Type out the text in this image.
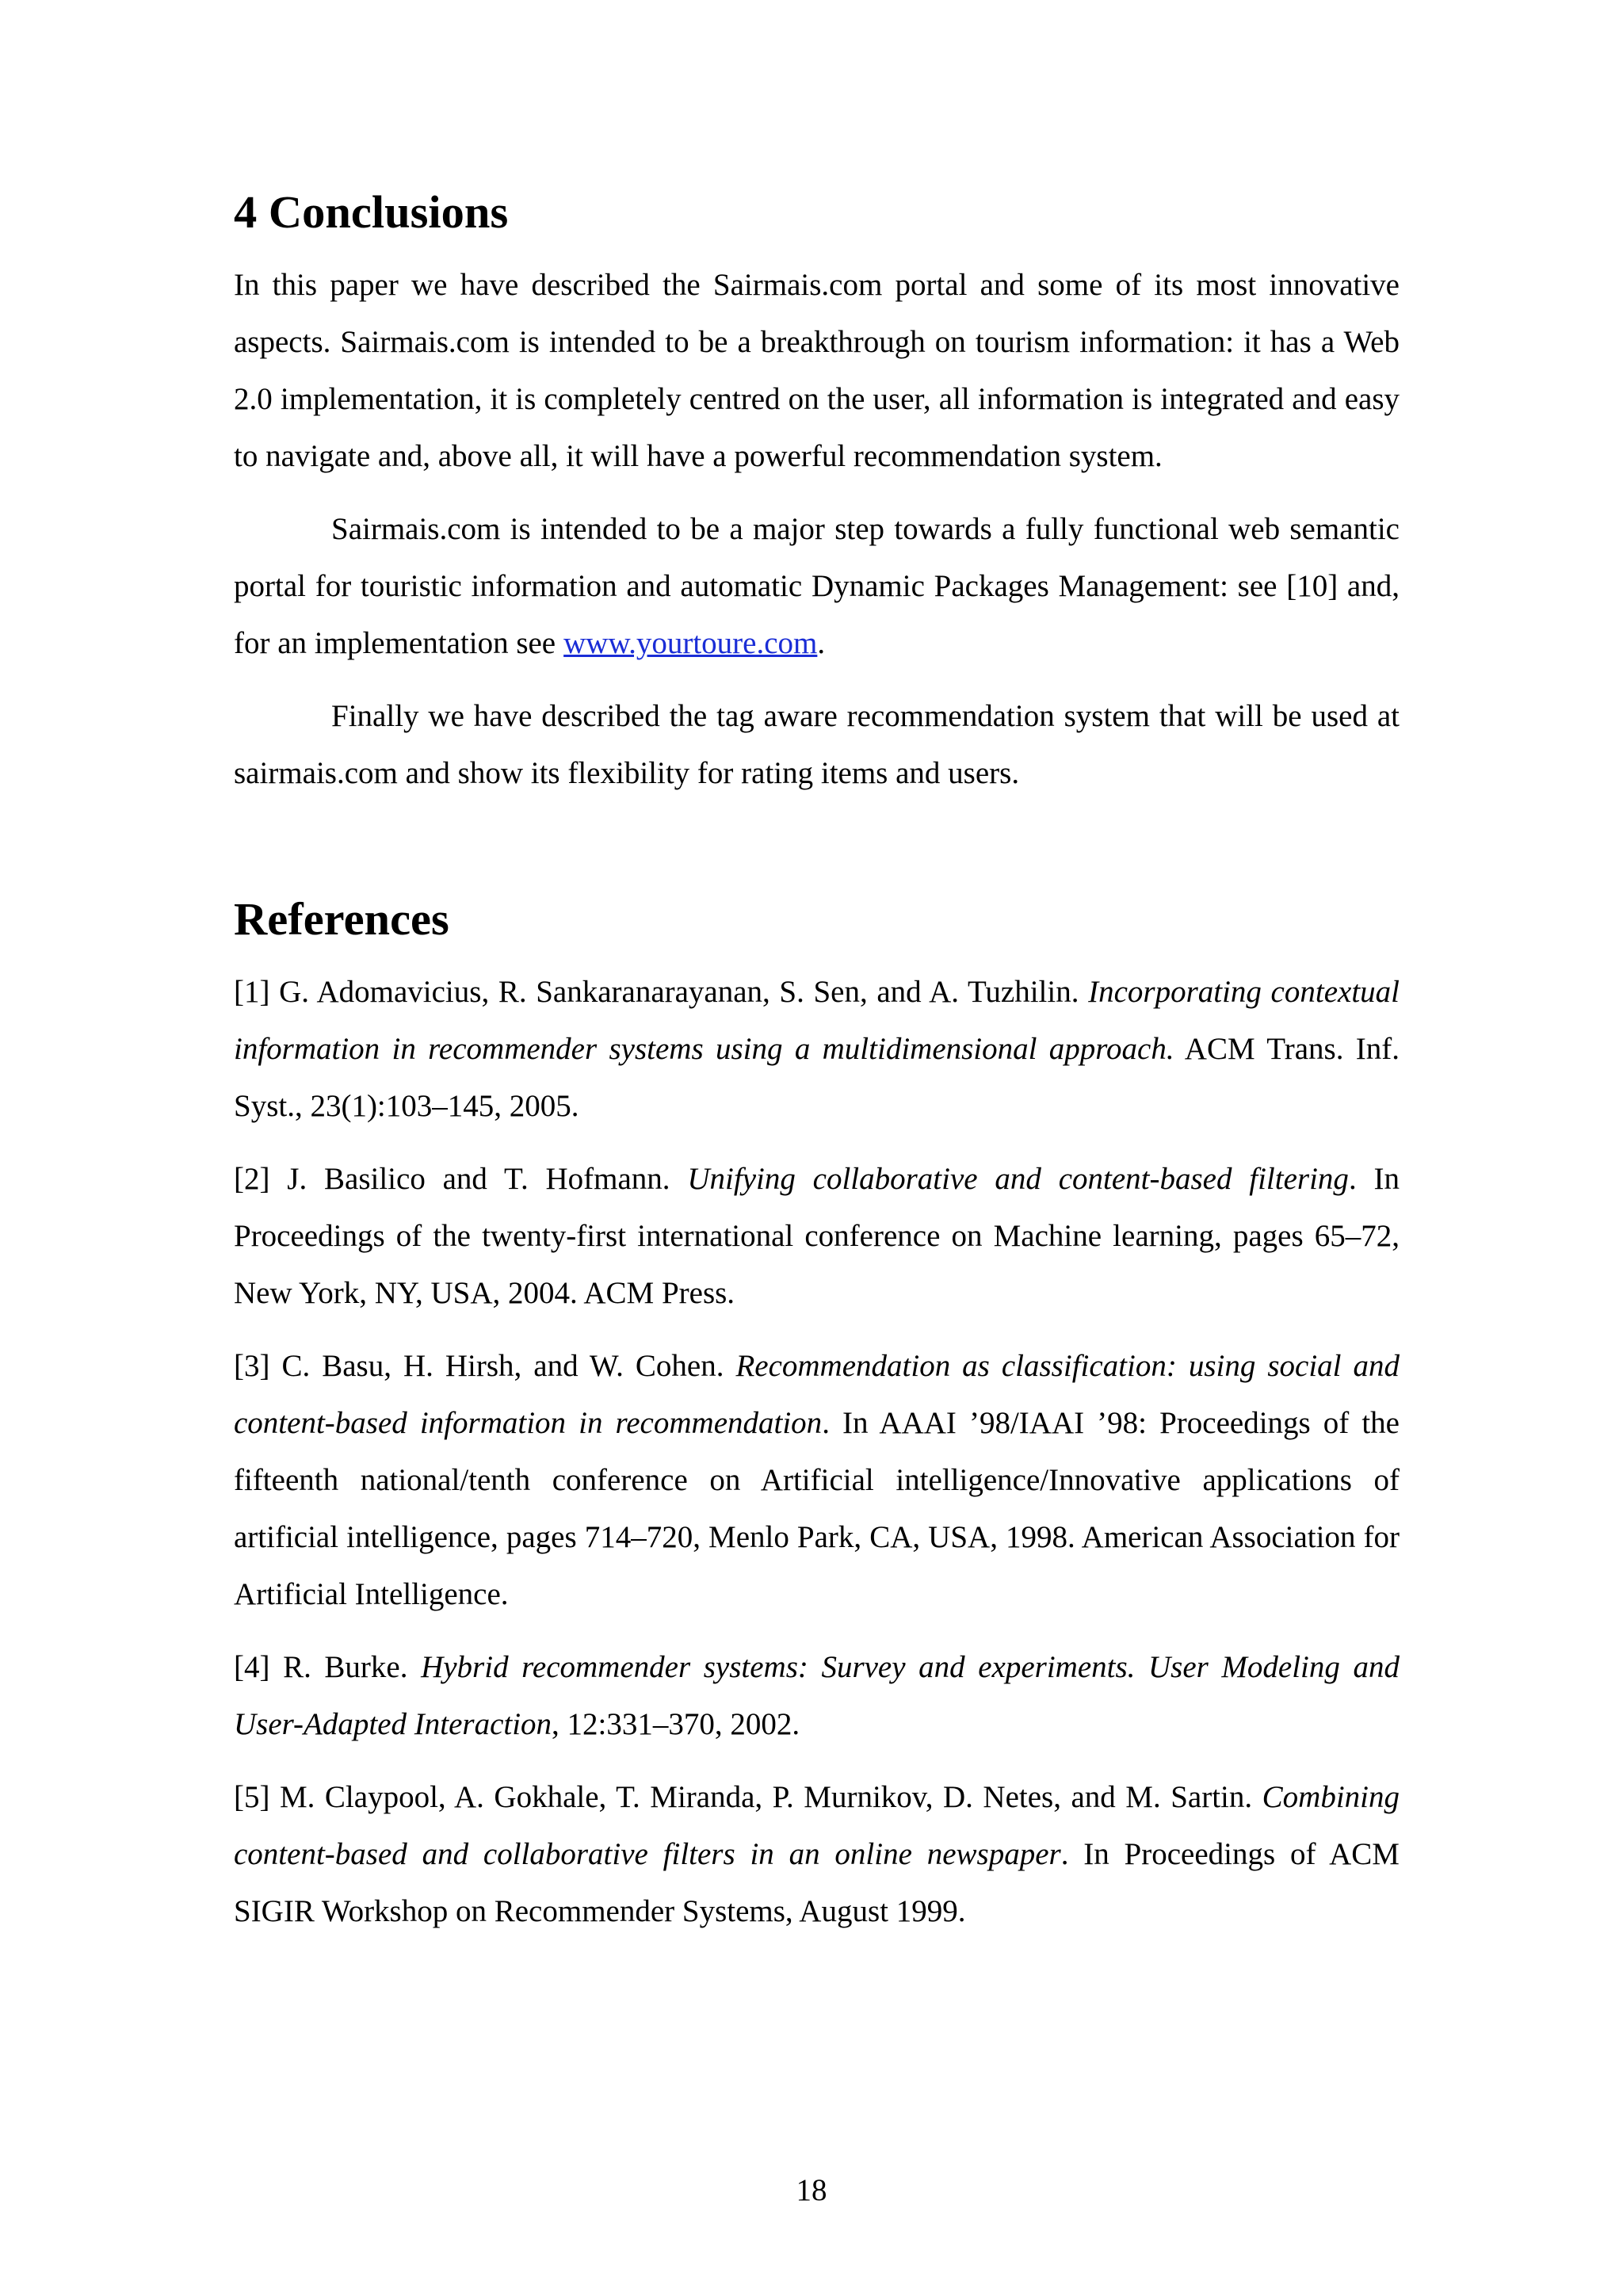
4 Conclusions

In this paper we have described the Sairmais.com portal and some of its most innovative aspects. Sairmais.com is intended to be a breakthrough on tourism information: it has a Web 2.0 implementation, it is completely centred on the user, all information is integrated and easy to navigate and, above all, it will have a powerful recommendation system.

Sairmais.com is intended to be a major step towards a fully functional web semantic portal for touristic information and automatic Dynamic Packages Management: see [10] and, for an implementation see www.yourtoure.com.

Finally we have described the tag aware recommendation system that will be used at sairmais.com and show its flexibility for rating items and users.

References

[1] G. Adomavicius, R. Sankaranarayanan, S. Sen, and A. Tuzhilin. Incorporating contextual information in recommender systems using a multidimensional approach. ACM Trans. Inf. Syst., 23(1):103–145, 2005.

[2] J. Basilico and T. Hofmann. Unifying collaborative and content-based filtering. In Proceedings of the twenty-first international conference on Machine learning, pages 65–72, New York, NY, USA, 2004. ACM Press.

[3] C. Basu, H. Hirsh, and W. Cohen. Recommendation as classification: using social and content-based information in recommendation. In AAAI ’98/IAAI ’98: Proceedings of the fifteenth national/tenth conference on Artificial intelligence/Innovative applications of artificial intelligence, pages 714–720, Menlo Park, CA, USA, 1998. American Association for Artificial Intelligence.

[4] R. Burke. Hybrid recommender systems: Survey and experiments. User Modeling and User-Adapted Interaction, 12:331–370, 2002.

[5] M. Claypool, A. Gokhale, T. Miranda, P. Murnikov, D. Netes, and M. Sartin. Combining content-based and collaborative filters in an online newspaper. In Proceedings of ACM SIGIR Workshop on Recommender Systems, August 1999.

18
